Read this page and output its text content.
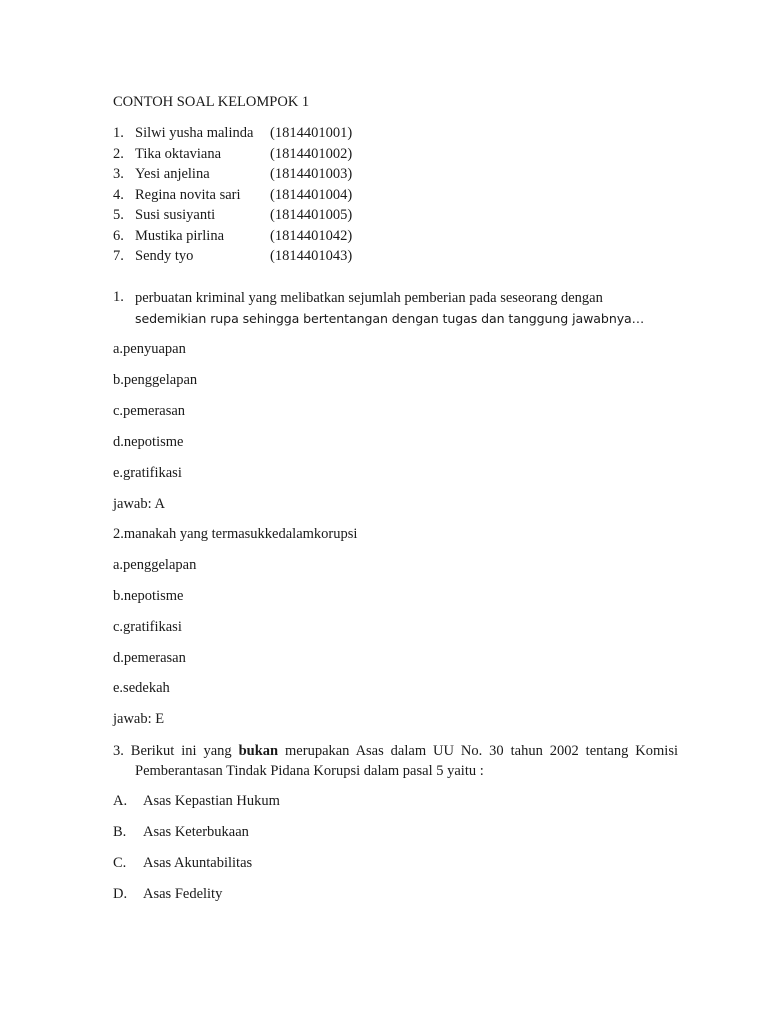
CONTOH SOAL KELOMPOK 1
1. Silwi yusha malinda (1814401001)
2. Tika oktaviana	(1814401002)
3. Yesi anjelina	(1814401003)
4. Regina novita sari (1814401004)
5. Susi susiyanti	(1814401005)
6. Mustika pirlina	(1814401042)
7. Sendy tyo	(1814401043)
1. perbuatan kriminal yang melibatkan sejumlah pemberian pada seseorang dengan
sedemikian rupa sehingga bertentangan dengan tugas dan tanggung jawabnya…
a.penyuapan
b.penggelapan
c.pemerasan
d.nepotisme
e.gratifikasi
jawab: A
2.manakah yang termasukkedalamkorupsi
a.penggelapan
b.nepotisme
c.gratifikasi
d.pemerasan
e.sedekah
jawab: E
3. Berikut ini yang bukan merupakan Asas dalam UU No. 30 tahun 2002 tentang Komisi
Pemberantasan Tindak Pidana Korupsi dalam pasal 5 yaitu :
A. Asas Kepastian Hukum
B. Asas Keterbukaan
C. Asas Akuntabilitas
D. Asas Fedelity
